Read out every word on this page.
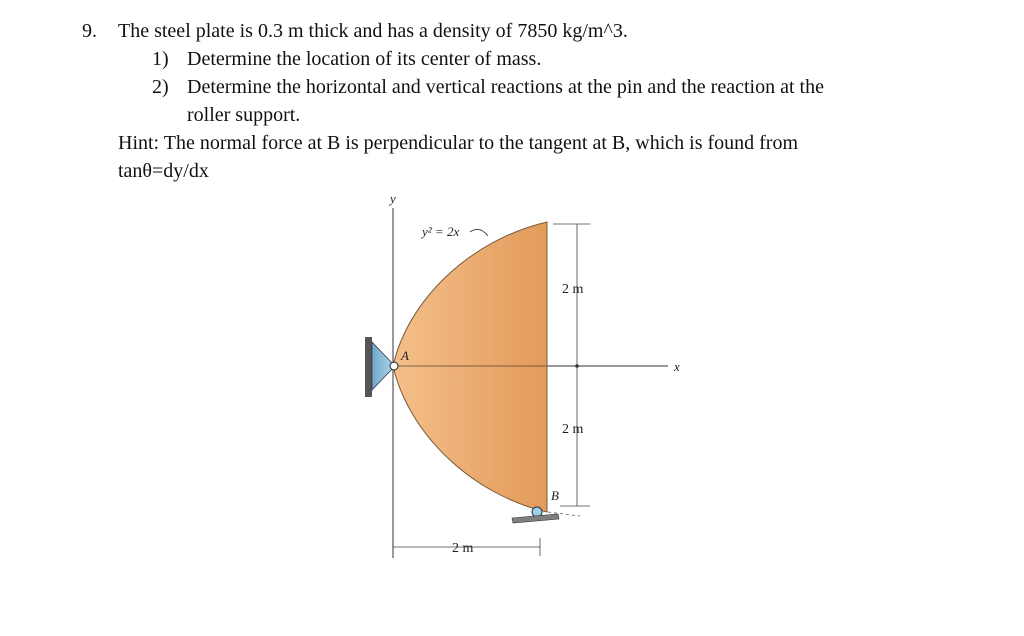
9. The steel plate is 0.3 m thick and has a density of 7850 kg/m^3.
1) Determine the location of its center of mass.
2) Determine the horizontal and vertical reactions at the pin and the reaction at the
roller support.
Hint: The normal force at B is perpendicular to the tangent at B, which is found from
tanθ=dy/dx
y
x
y² = 2x
A
B
2 m
2 m
2 m
